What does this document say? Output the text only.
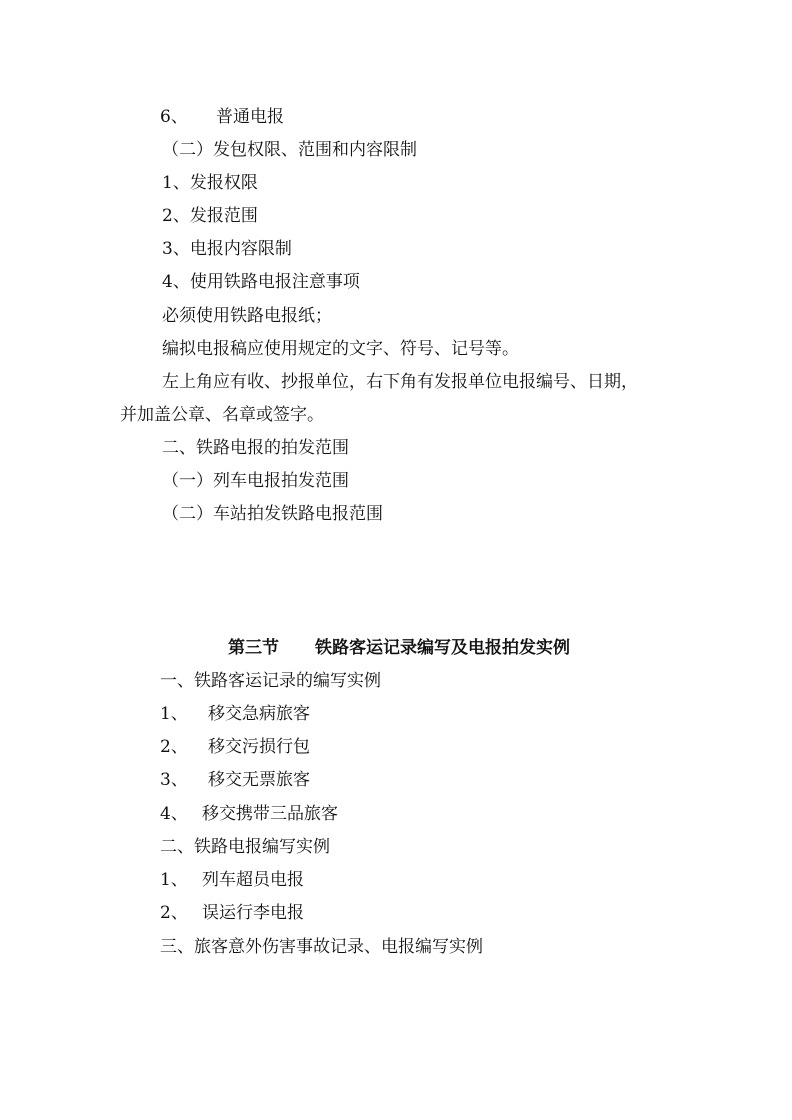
6、 普通电报
（二）发包权限、范围和内容限制
1、发报权限
2、发报范围
3、电报内容限制
4、使用铁路电报注意事项
必须使用铁路电报纸；
编拟电报稿应使用规定的文字、符号、记号等。
左上角应有收、抄报单位，右下角有发报单位电报编号、日期，
并加盖公章、名章或签字。
二、铁路电报的拍发范围
（一）列车电报拍发范围
（二）车站拍发铁路电报范围
第三节 铁路客运记录编写及电报拍发实例
一、铁路客运记录的编写实例
1、 移交急病旅客
2、 移交污损行包
3、 移交无票旅客
4、 移交携带三品旅客
二、铁路电报编写实例
1、 列车超员电报
2、 误运行李电报
三、旅客意外伤害事故记录、电报编写实例
